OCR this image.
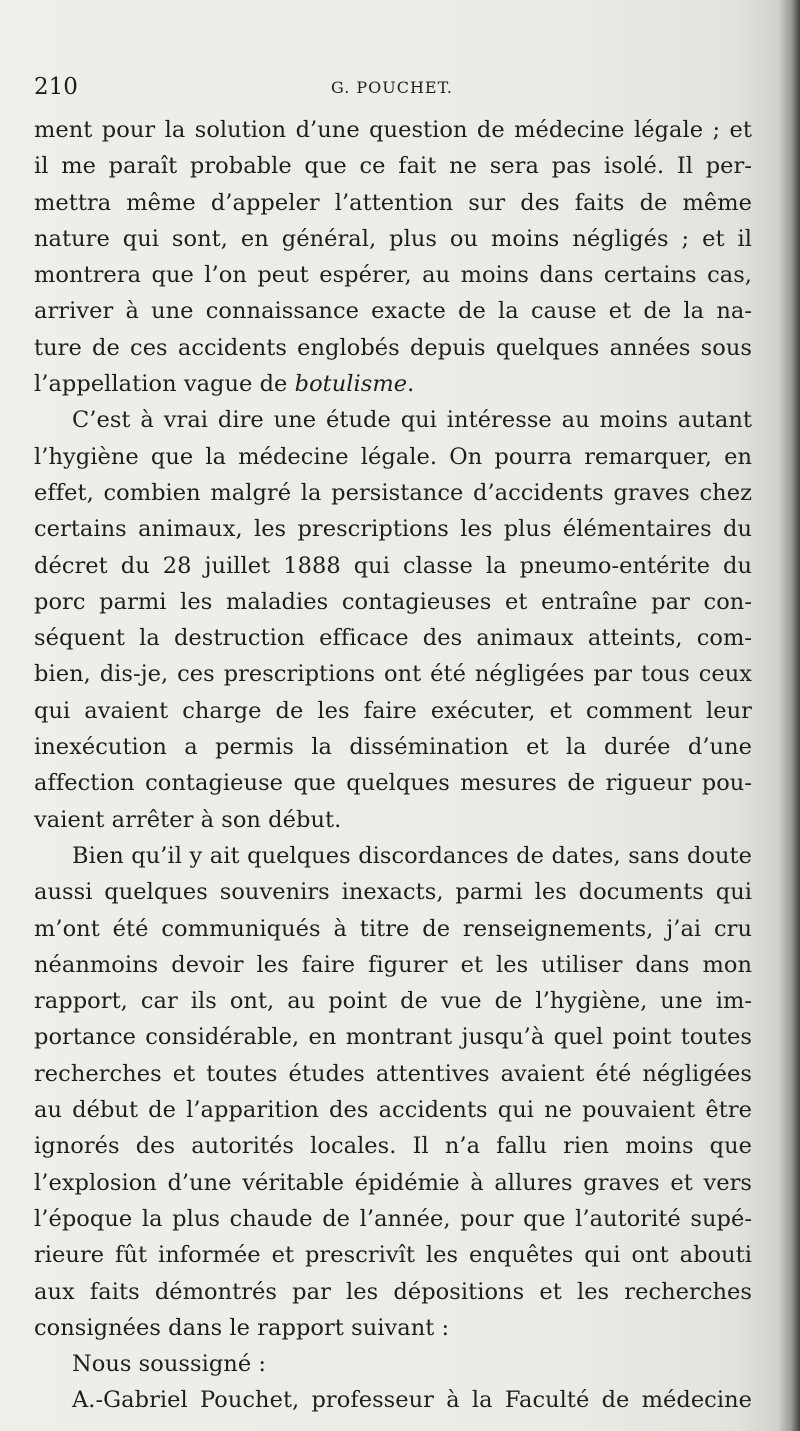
210	G. POUCHET.

ment pour la solution d’une question de médecine légale ; et
il me paraît probable que ce fait ne sera pas isolé. Il per-
mettra même d’appeler l’attention sur des faits de même
nature qui sont, en général, plus ou moins négligés ; et il
montrera que l’on peut espérer, au moins dans certains cas,
arriver à une connaissance exacte de la cause et de la na-
ture de ces accidents englobés depuis quelques années sous
l’appellation vague de botulisme.

C’est à vrai dire une étude qui intéresse au moins autant
l’hygiène que la médecine légale. On pourra remarquer, en
effet, combien malgré la persistance d’accidents graves chez
certains animaux, les prescriptions les plus élémentaires du
décret du 28 juillet 1888 qui classe la pneumo-entérite du
porc parmi les maladies contagieuses et entraîne par con-
séquent la destruction efficace des animaux atteints, com-
bien, dis-je, ces prescriptions ont été négligées par tous ceux
qui avaient charge de les faire exécuter, et comment leur
inexécution a permis la dissémination et la durée d’une
affection contagieuse que quelques mesures de rigueur pou-
vaient arrêter à son début.

Bien qu’il y ait quelques discordances de dates, sans doute
aussi quelques souvenirs inexacts, parmi les documents qui
m’ont été communiqués à titre de renseignements, j’ai cru
néanmoins devoir les faire figurer et les utiliser dans mon
rapport, car ils ont, au point de vue de l’hygiène, une im-
portance considérable, en montrant jusqu’à quel point toutes
recherches et toutes études attentives avaient été négligées
au début de l’apparition des accidents qui ne pouvaient être
ignorés des autorités locales. Il n’a fallu rien moins que
l’explosion d’une véritable épidémie à allures graves et vers
l’époque la plus chaude de l’année, pour que l’autorité supé-
rieure fût informée et prescrivît les enquêtes qui ont abouti
aux faits démontrés par les dépositions et les recherches
consignées dans le rapport suivant :

Nous soussigné :

A.-Gabriel Pouchet, professeur à la Faculté de médecine
